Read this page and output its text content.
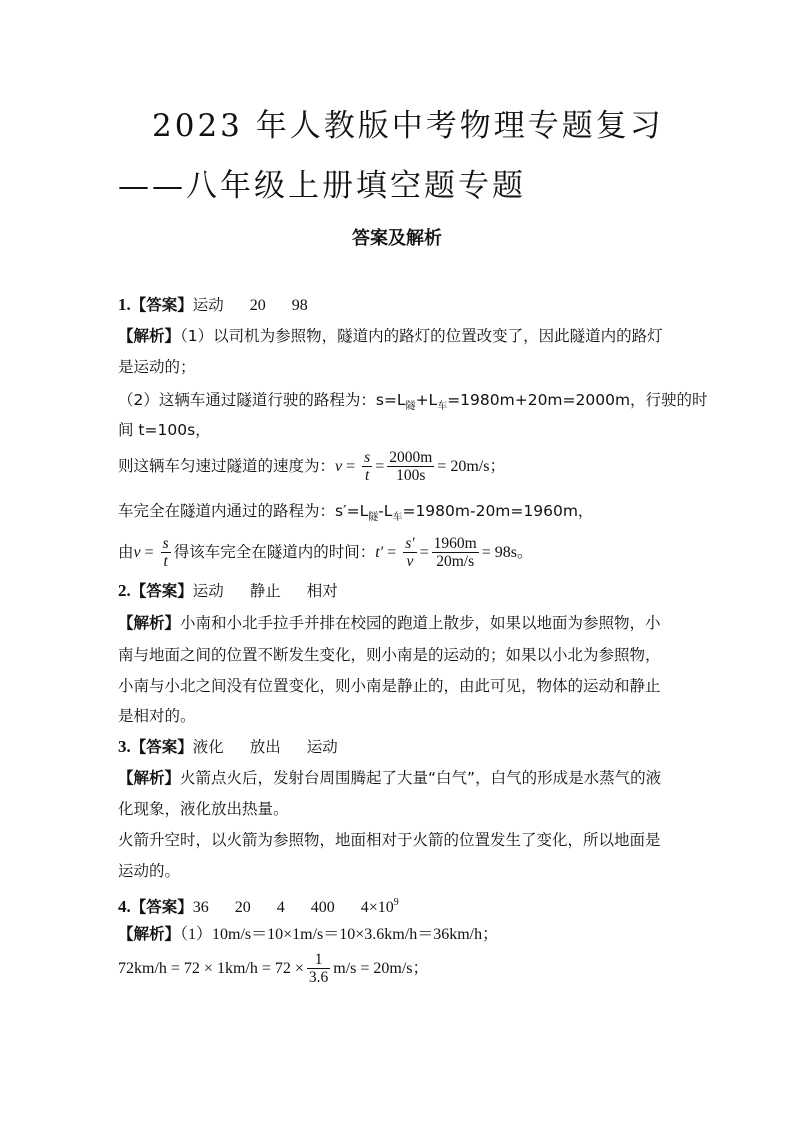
2023 年人教版中考物理专题复习
——八年级上册填空题专题
答案及解析
1.【答案】运动 20 98
【解析】（1）以司机为参照物，隧道内的路灯的位置改变了，因此隧道内的路灯
是运动的；
（2）这辆车通过隧道行驶的路程为：$s=L_隧+L_车=1980m+20m=2000m$，行驶的时
间 t=100s，
则这辆车匀速过隧道的速度为：$v = \frac{s}{t} = \frac{2000m}{100s} = 20m/s$；
车完全在隧道内通过的路程为：$s'=L_隧-L_车=1980m-20m=1960m$，
由$v = \frac{s}{t}$ 得该车完全在隧道内的时间：$t' = \frac{s'}{v} = \frac{1960m}{20m/s} = 98s$。
2.【答案】运动 静止 相对
【解析】小南和小北手拉手并排在校园的跑道上散步，如果以地面为参照物，小
南与地面之间的位置不断发生变化，则小南是的运动的；如果以小北为参照物，
小南与小北之间没有位置变化，则小南是静止的，由此可见，物体的运动和静止
是相对的。
3.【答案】液化 放出 运动
【解析】火箭点火后，发射台周围腾起了大量“白气”，白气的形成是水蒸气的液
化现象，液化放出热量。
火箭升空时，以火箭为参照物，地面相对于火箭的位置发生了变化，所以地面是
运动的。
4.【答案】36 20 4 400 $4\times 10^9$
【解析】（1）10m/s＝10×1m/s＝10×3.6km/h＝36km/h；
$72km/h = 72 \times 1km/h = 72 \times \frac{1}{3.6} m/s = 20m/s$；
